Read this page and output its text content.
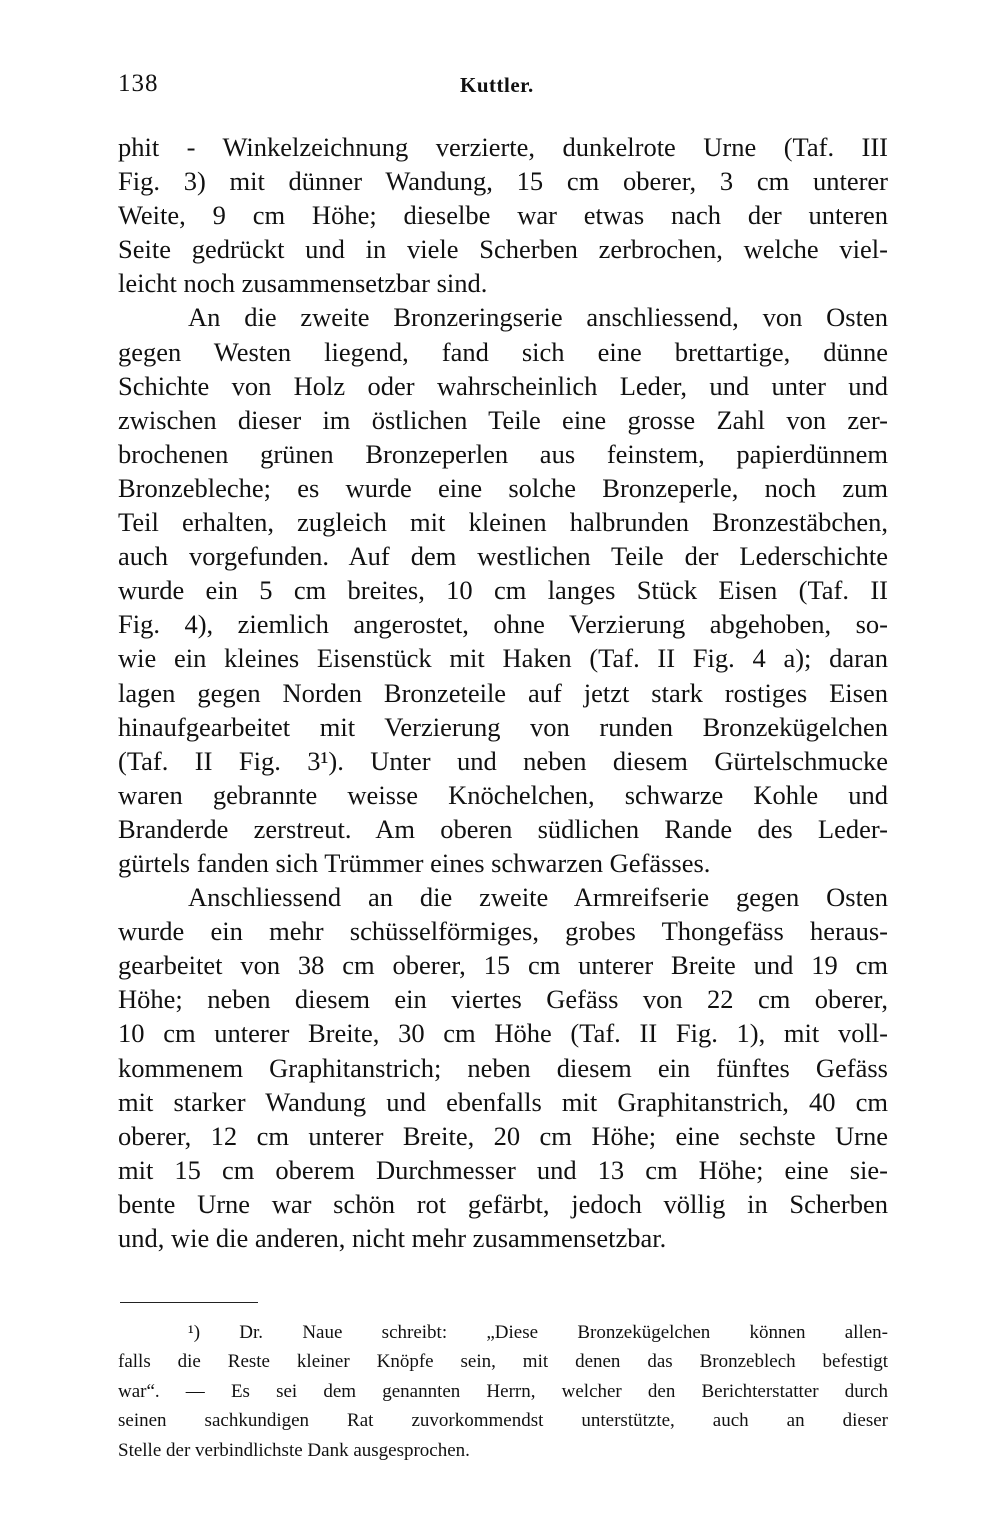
138	Kuttler.
phit - Winkelzeichnung verzierte, dunkelrote Urne (Taf. III
Fig. 3) mit dünner Wandung, 15 cm oberer, 3 cm unterer
Weite, 9 cm Höhe; dieselbe war etwas nach der unteren
Seite gedrückt und in viele Scherben zerbrochen, welche viel-
leicht noch zusammensetzbar sind.
An die zweite Bronzeringserie anschliessend, von Osten
gegen Westen liegend, fand sich eine brettartige, dünne
Schichte von Holz oder wahrscheinlich Leder, und unter und
zwischen dieser im östlichen Teile eine grosse Zahl von zer-
brochenen grünen Bronzeperlen aus feinstem, papierdünnem
Bronzebleche; es wurde eine solche Bronzeperle, noch zum
Teil erhalten, zugleich mit kleinen halbrunden Bronzestäbchen,
auch vorgefunden. Auf dem westlichen Teile der Lederschichte
wurde ein 5 cm breites, 10 cm langes Stück Eisen (Taf. II
Fig. 4), ziemlich angerostet, ohne Verzierung abgehoben, so-
wie ein kleines Eisenstück mit Haken (Taf. II Fig. 4 a); daran
lagen gegen Norden Bronzeteile auf jetzt stark rostiges Eisen
hinaufgearbeitet mit Verzierung von runden Bronzekügelchen
(Taf. II Fig. 3¹). Unter und neben diesem Gürtelschmucke
waren gebrannte weisse Knöchelchen, schwarze Kohle und
Branderde zerstreut. Am oberen südlichen Rande des Leder-
gürtels fanden sich Trümmer eines schwarzen Gefässes.
Anschliessend an die zweite Armreifserie gegen Osten
wurde ein mehr schüsselförmiges, grobes Thongefäss heraus-
gearbeitet von 38 cm oberer, 15 cm unterer Breite und 19 cm
Höhe; neben diesem ein viertes Gefäss von 22 cm oberer,
10 cm unterer Breite, 30 cm Höhe (Taf. II Fig. 1), mit voll-
kommenem Graphitanstrich; neben diesem ein fünftes Gefäss
mit starker Wandung und ebenfalls mit Graphitanstrich, 40 cm
oberer, 12 cm unterer Breite, 20 cm Höhe; eine sechste Urne
mit 15 cm oberem Durchmesser und 13 cm Höhe; eine sie-
bente Urne war schön rot gefärbt, jedoch völlig in Scherben
und, wie die anderen, nicht mehr zusammensetzbar.
¹) Dr. Naue schreibt: „Diese Bronzekügelchen können allen-
falls die Reste kleiner Knöpfe sein, mit denen das Bronzeblech befestigt
war“. — Es sei dem genannten Herrn, welcher den Berichterstatter durch
seinen sachkundigen Rat zuvorkommendst unterstützte, auch an dieser
Stelle der verbindlichste Dank ausgesprochen.
